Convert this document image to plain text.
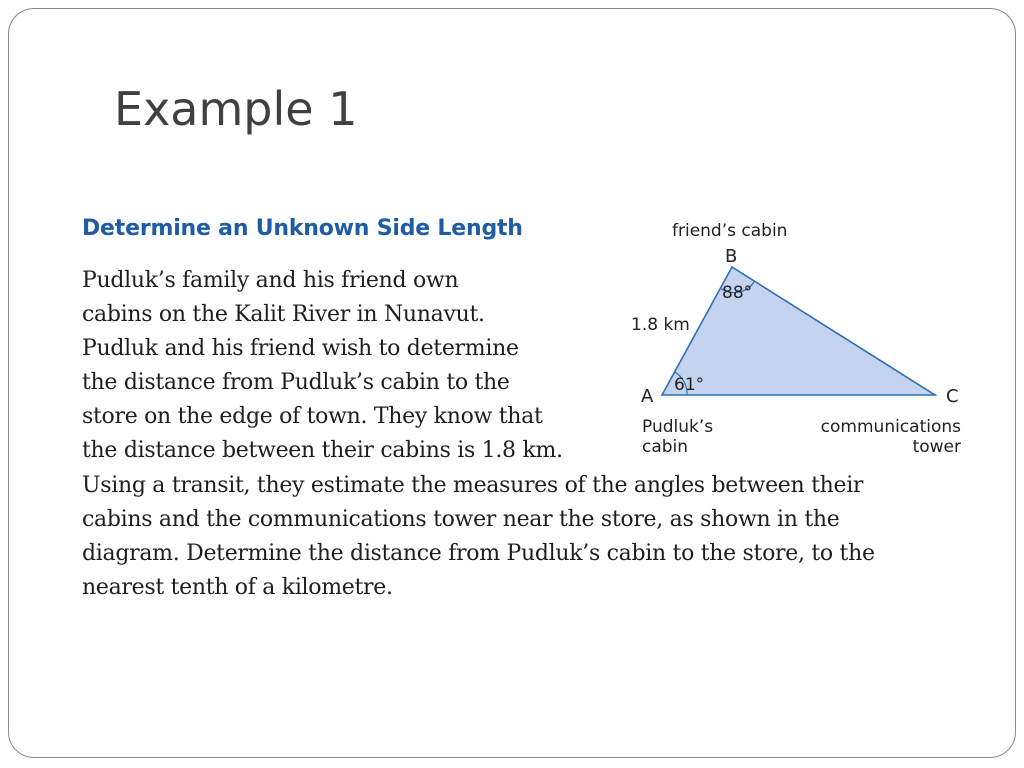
Example 1
Determine an Unknown Side Length
Pudluk’s family and his friend own
cabins on the Kalit River in Nunavut.
Pudluk and his friend wish to determine
the distance from Pudluk’s cabin to the
store on the edge of town. They know that
the distance between their cabins is 1.8 km.
Using a transit, they estimate the measures of the angles between their
cabins and the communications tower near the store, as shown in the
diagram. Determine the distance from Pudluk’s cabin to the store, to the
nearest tenth of a kilometre.
friend’s cabin
B
88°
1.8 km
61°
A	C
Pudluk’s
cabin
communications
tower
